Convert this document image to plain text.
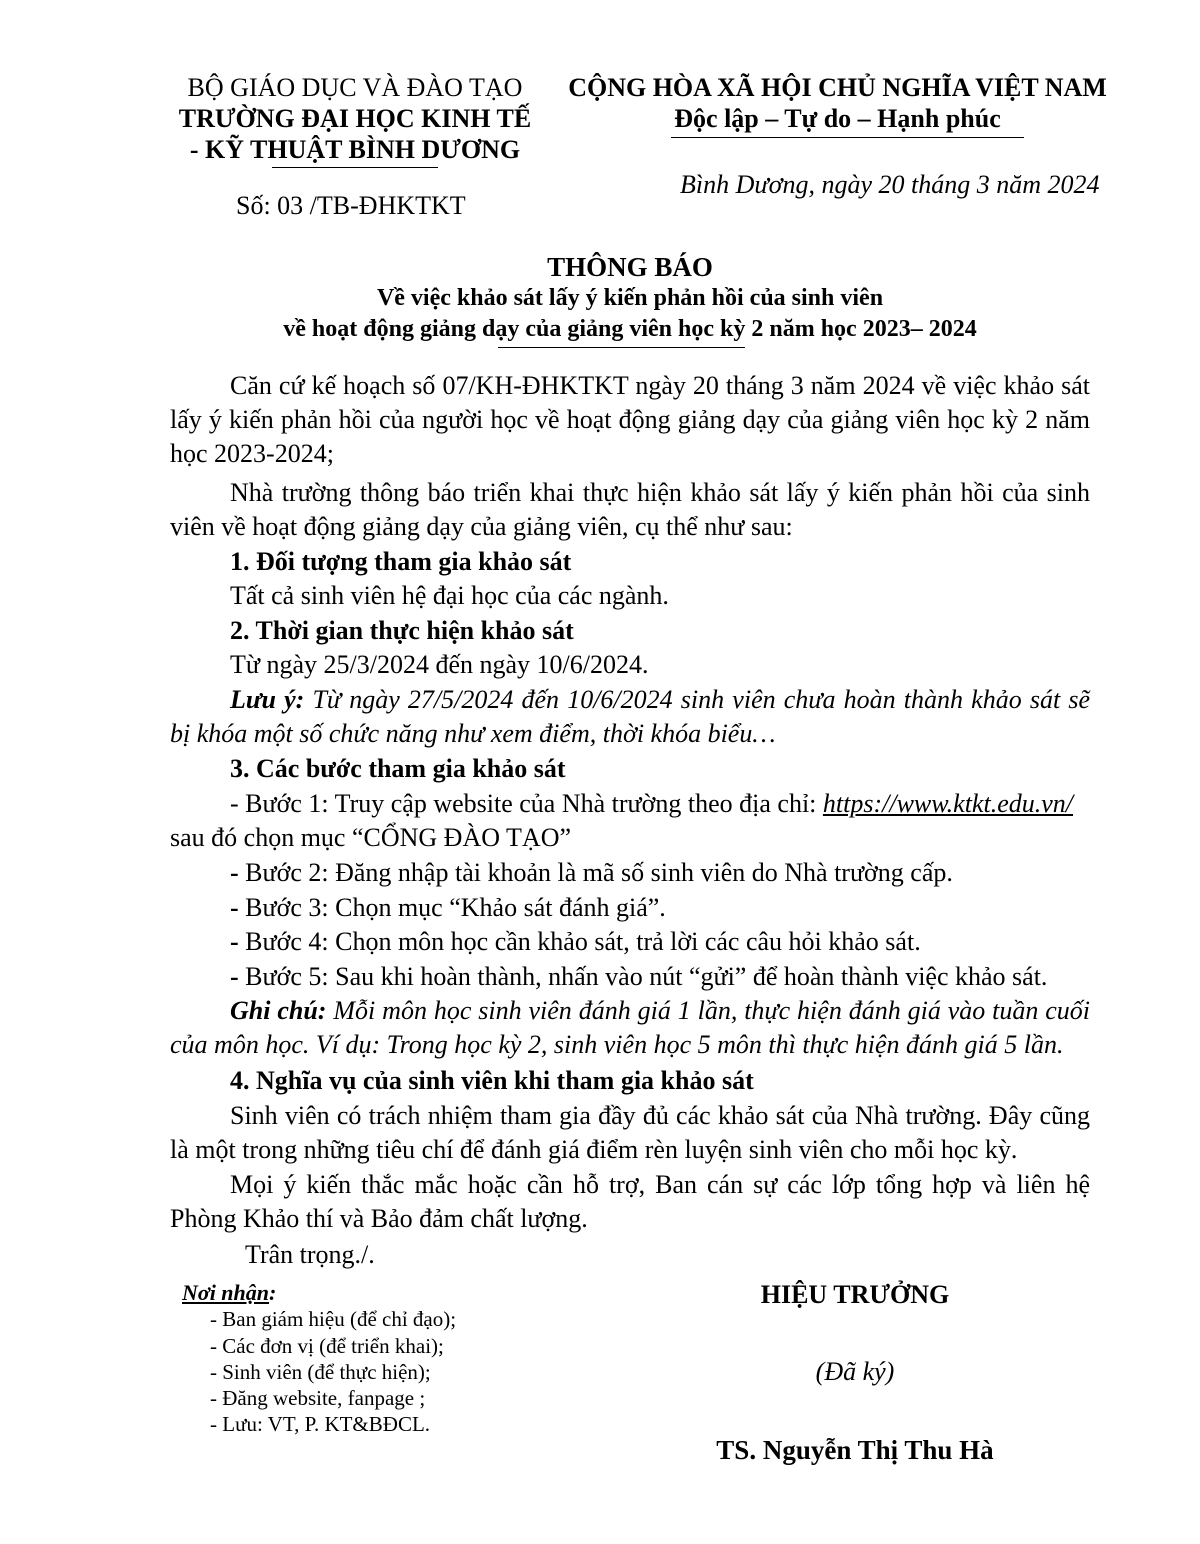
BỘ GIÁO DỤC VÀ ĐÀO TẠO
TRƯỜNG ĐẠI HỌC KINH TẾ
- KỸ THUẬT BÌNH DƯƠNG
Số: 03 /TB-ĐHKTKT
CỘNG HÒA XÃ HỘI CHỦ NGHĨA VIỆT NAM
Độc lập – Tự do – Hạnh phúc
Bình Dương, ngày 20 tháng 3 năm 2024
THÔNG BÁO
Về việc khảo sát lấy ý kiến phản hồi của sinh viên
về hoạt động giảng dạy của giảng viên học kỳ 2 năm học 2023– 2024
Căn cứ kế hoạch số 07/KH-ĐHKTKT ngày 20 tháng 3 năm 2024 về việc khảo sát lấy ý kiến phản hồi của người học về hoạt động giảng dạy của giảng viên học kỳ 2 năm học 2023-2024;
Nhà trường thông báo triển khai thực hiện khảo sát lấy ý kiến phản hồi của sinh viên về hoạt động giảng dạy của giảng viên, cụ thể như sau:
1. Đối tượng tham gia khảo sát
Tất cả sinh viên hệ đại học của các ngành.
2. Thời gian thực hiện khảo sát
Từ ngày 25/3/2024 đến ngày 10/6/2024.
Lưu ý: Từ ngày 27/5/2024 đến 10/6/2024 sinh viên chưa hoàn thành khảo sát sẽ bị khóa một số chức năng như xem điểm, thời khóa biểu…
3. Các bước tham gia khảo sát
- Bước 1: Truy cập website của Nhà trường theo địa chỉ: https://www.ktkt.edu.vn/
sau đó chọn mục “CỔNG ĐÀO TẠO”
- Bước 2: Đăng nhập tài khoản là mã số sinh viên do Nhà trường cấp.
- Bước 3: Chọn mục “Khảo sát đánh giá”.
- Bước 4: Chọn môn học cần khảo sát, trả lời các câu hỏi khảo sát.
- Bước 5: Sau khi hoàn thành, nhấn vào nút “gửi” để hoàn thành việc khảo sát.
Ghi chú: Mỗi môn học sinh viên đánh giá 1 lần, thực hiện đánh giá vào tuần cuối của môn học. Ví dụ: Trong học kỳ 2, sinh viên học 5 môn thì thực hiện đánh giá 5 lần.
4. Nghĩa vụ của sinh viên khi tham gia khảo sát
Sinh viên có trách nhiệm tham gia đầy đủ các khảo sát của Nhà trường. Đây cũng là một trong những tiêu chí để đánh giá điểm rèn luyện sinh viên cho mỗi học kỳ.
Mọi ý kiến thắc mắc hoặc cần hỗ trợ, Ban cán sự các lớp tổng hợp và liên hệ Phòng Khảo thí và Bảo đảm chất lượng.
Trân trọng./.
Nơi nhận:
- Ban giám hiệu (để chỉ đạo);
- Các đơn vị (để triển khai);
- Sinh viên (để thực hiện);
- Đăng website, fanpage ;
- Lưu: VT, P. KT&BĐCL.
HIỆU TRƯỞNG
(Đã ký)
TS. Nguyễn Thị Thu Hà
